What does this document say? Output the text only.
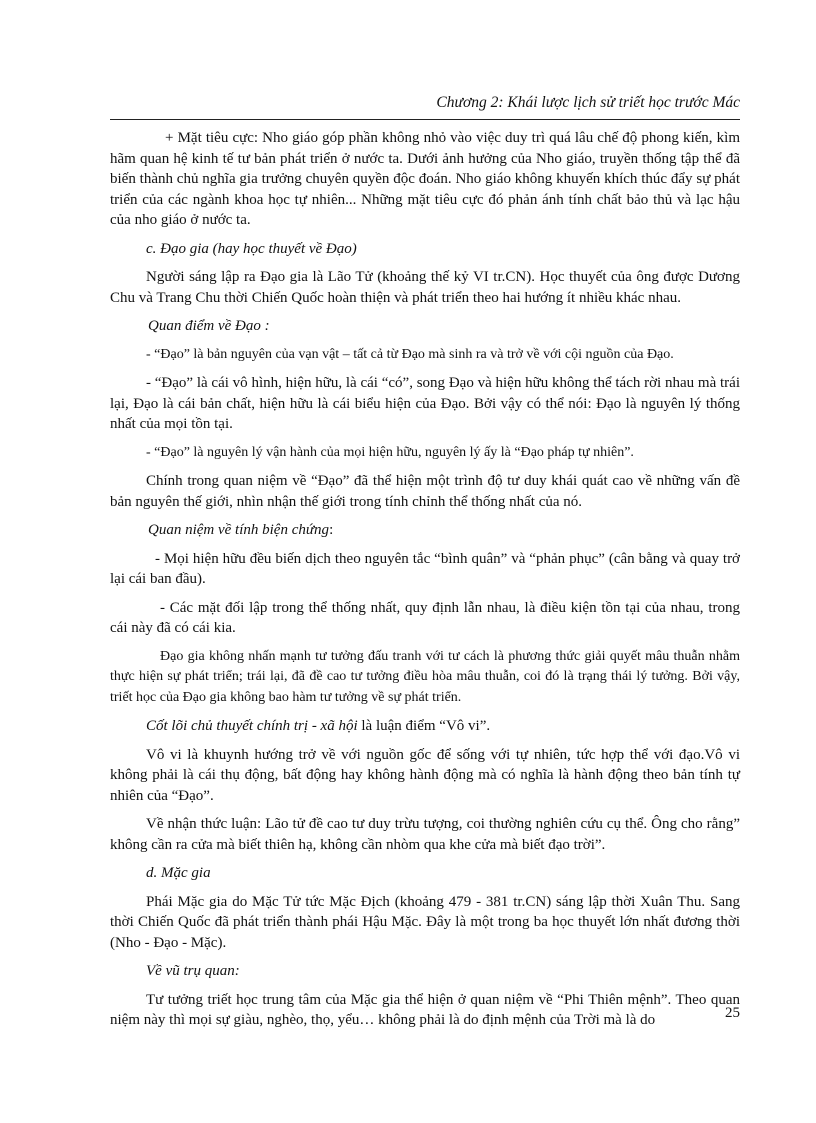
Chương 2: Khái lược lịch sử triết học trước Mác

+ Mặt tiêu cực: Nho giáo góp phần không nhỏ vào việc duy trì quá lâu chế độ phong kiến, kìm hãm quan hệ kinh tế tư bản phát triển ở nước ta. Dưới ảnh hưởng của Nho giáo, truyền thống tập thể đã biến thành chủ nghĩa gia trưởng chuyên quyền độc đoán. Nho giáo không khuyến khích thúc đẩy sự phát triển của các ngành khoa học tự nhiên... Những mặt tiêu cực đó phản ánh tính chất bảo thủ và lạc hậu của nho giáo ở nước ta.

c. Đạo gia (hay học thuyết về Đạo)

Người sáng lập ra Đạo gia là Lão Tử (khoảng thế kỷ VI tr.CN). Học thuyết của ông được Dương Chu và Trang Chu thời Chiến Quốc hoàn thiện và phát triển theo hai hướng ít nhiều khác nhau.

Quan điểm về Đạo :

- “Đạo” là bản nguyên của vạn vật – tất cả từ Đạo mà sinh ra và trở về với cội nguồn của Đạo.

- “Đạo” là cái vô hình, hiện hữu, là cái “có”, song Đạo và hiện hữu không thể tách rời nhau mà trái lại, Đạo là cái bản chất, hiện hữu là cái biểu hiện của Đạo. Bởi vậy có thể nói: Đạo là nguyên lý thống nhất của mọi tồn tại.

- “Đạo” là nguyên lý vận hành của mọi hiện hữu, nguyên lý ấy là “Đạo pháp tự nhiên”.

Chính trong quan niệm về “Đạo” đã thể hiện một trình độ tư duy khái quát cao về những vấn đề bản nguyên thế giới, nhìn nhận thế giới trong tính chỉnh thể thống nhất của nó.

Quan niệm về tính biện chứng:

- Mọi hiện hữu đều biến dịch theo nguyên tắc “bình quân” và “phản phục” (cân bằng và quay trở lại cái ban đầu).

- Các mặt đối lập trong thể thống nhất, quy định lẫn nhau, là điều kiện tồn tại của nhau, trong cái này đã có cái kia.

Đạo gia không nhấn mạnh tư tưởng đấu tranh với tư cách là phương thức giải quyết mâu thuẫn nhằm thực hiện sự phát triển; trái lại, đã đề cao tư tưởng điều hòa mâu thuẫn, coi đó là trạng thái lý tưởng. Bởi vậy, triết học của Đạo gia không bao hàm tư tưởng về sự phát triển.

Cốt lõi chủ thuyết chính trị - xã hội là luận điểm “Vô vi”.

Vô vi là khuynh hướng trở về với nguồn gốc để sống với tự nhiên, tức hợp thể với đạo.Vô vi không phải là cái thụ động, bất động hay không hành động mà có nghĩa là hành động theo bản tính tự nhiên của “Đạo”.

Về nhận thức luận: Lão tử đề cao tư duy trừu tượng, coi thường nghiên cứu cụ thể. Ông cho rằng” không cần ra cửa mà biết thiên hạ, không cần nhòm qua khe cửa mà biết đạo trời”.

d. Mặc gia

Phái Mặc gia do Mặc Tử tức Mặc Địch (khoảng 479 - 381 tr.CN) sáng lập thời Xuân Thu. Sang thời Chiến Quốc đã phát triển thành phái Hậu Mặc. Đây là một trong ba học thuyết lớn nhất đương thời (Nho - Đạo - Mặc).

Về vũ trụ quan:

Tư tưởng triết học trung tâm của Mặc gia thể hiện ở quan niệm về “Phi Thiên mệnh”. Theo quan niệm này thì mọi sự giàu, nghèo, thọ, yểu… không phải là do định mệnh của Trời mà là do	25
